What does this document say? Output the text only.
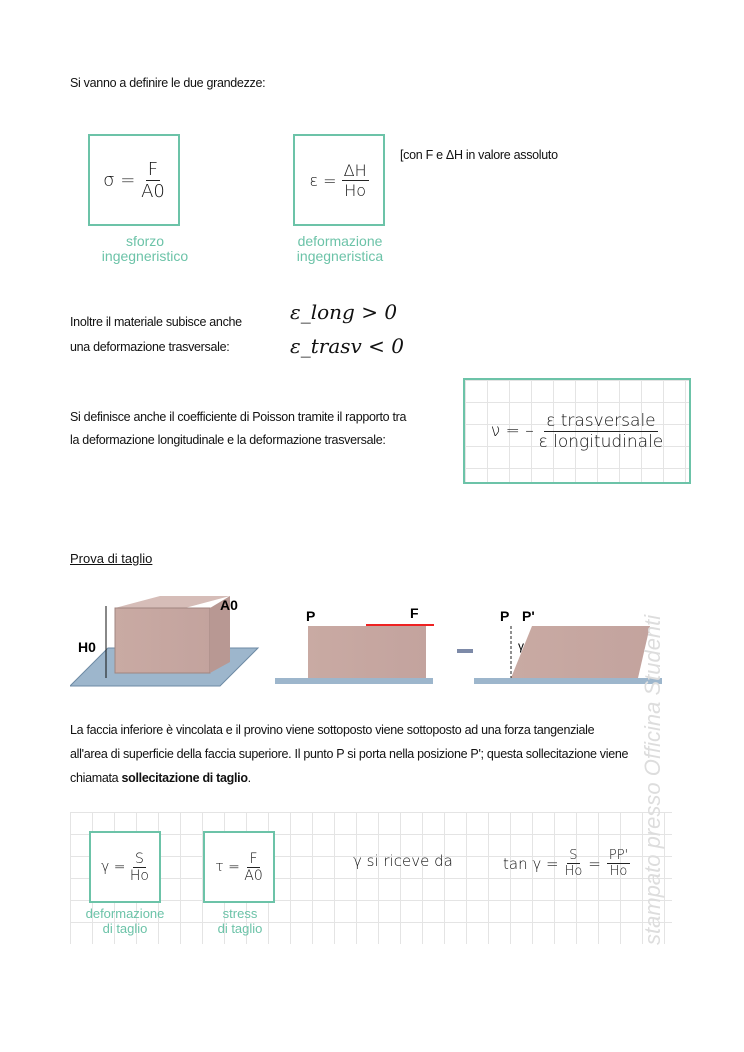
Si vanno a definire le due grandezze:
σ =
$\frac{F}{A0}$
sforzo
ingegneristico
ε =
$\frac{\Delta H}{Ho}$
deformazione
ingegneristica
[con F e ΔH in valore assoluto
Inoltre il materiale subisce anche
una deformazione trasversale:
ε_long > 0
ε_trasv < 0
Si definisce anche il coefficiente di Poisson tramite il rapporto tra
la deformazione longitudinale e la deformazione trasversale:	ν = –
$\frac{\text{ε trasversale}}{\text{ε longitudinale}}$
Prova di taglio
H0
A0
P	F	P P'
γ
La faccia inferiore è vincolata e il provino viene sottoposto viene sottoposto ad una forza tangenziale
all'area di superficie della faccia superiore. Il punto P si porta nella posizione P'; questa sollecitazione viene
chiamata sollecitazione di taglio.
γ =
$\frac{S}{Ho}$
deformazione
di taglio
τ =
$\frac{F}{A0}$
stress
di taglio
γ si riceve da	$\tan \gamma = \frac{S}{Ho} = \frac{PP'}{Ho}$ stampato presso Officina Studenti
